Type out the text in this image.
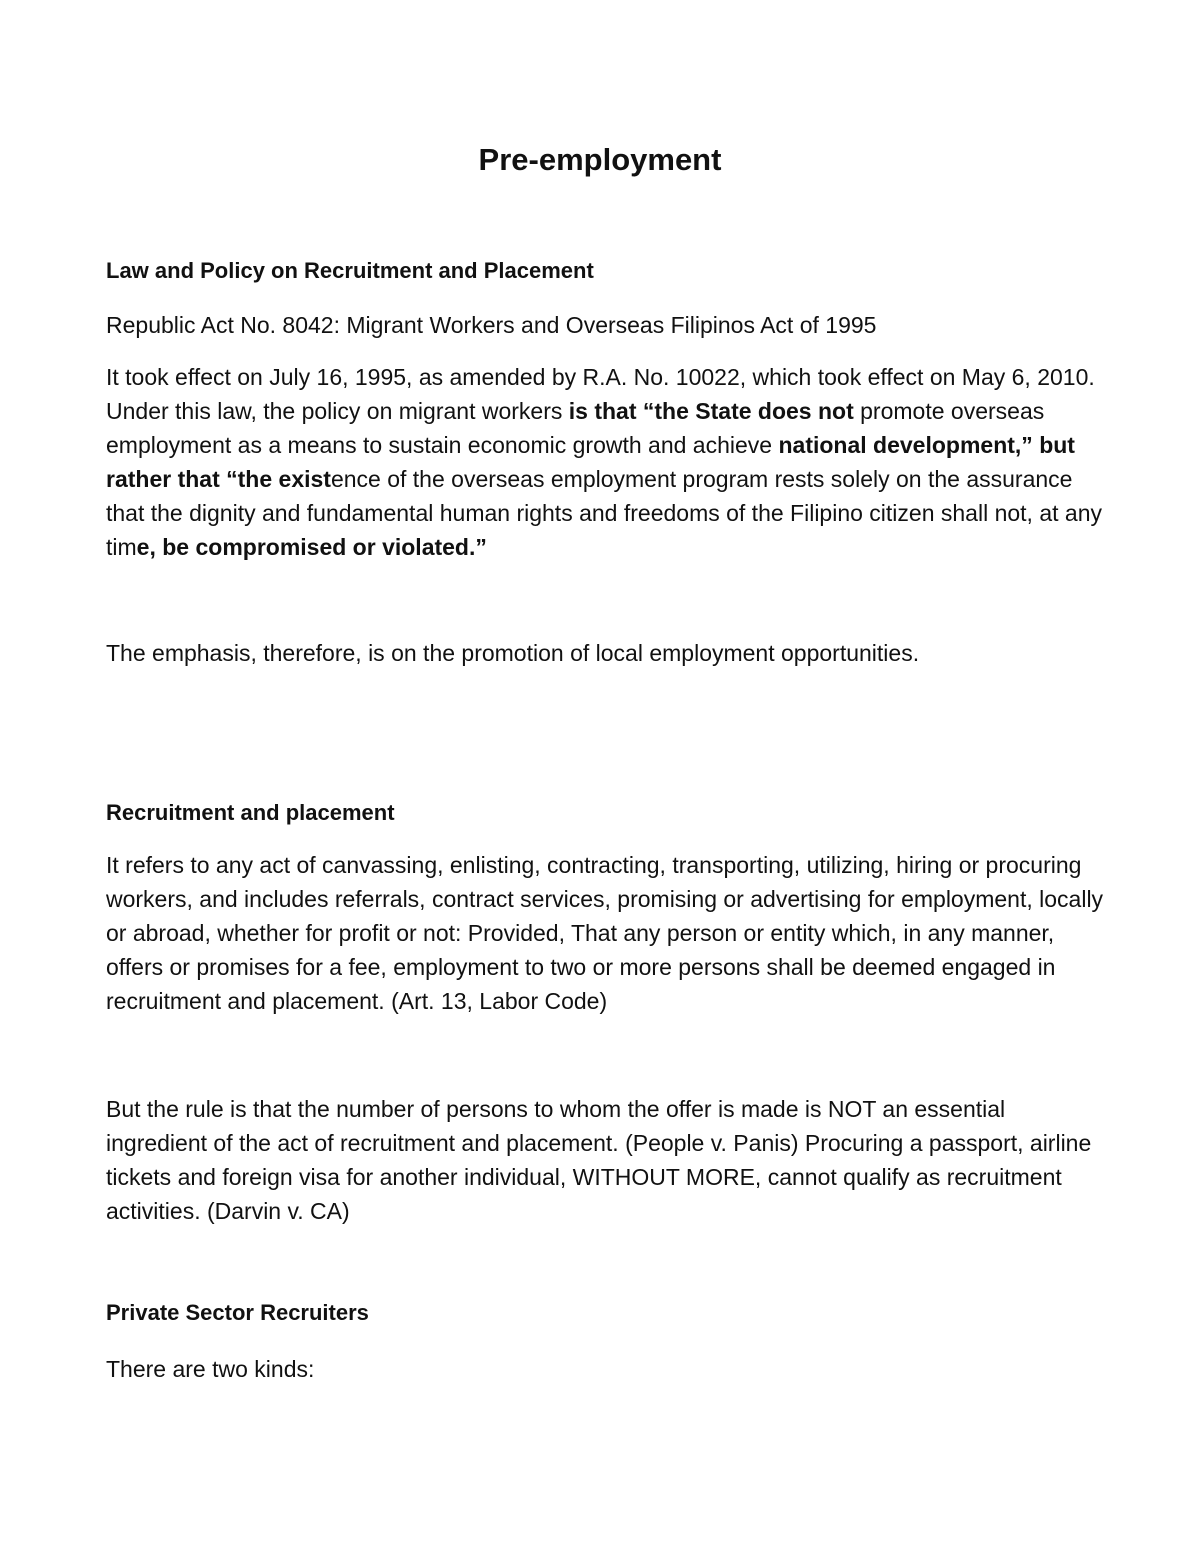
Pre-employment
Law and Policy on Recruitment and Placement

Republic Act No. 8042: Migrant Workers and Overseas Filipinos Act of 1995

It took effect on July 16, 1995, as amended by R.A. No. 10022, which took effect on May 6, 2010. Under this law, the policy on migrant workers is that “the State does not promote overseas employment as a means to sustain economic growth and achieve national development,” but rather that “the existence of the overseas employment program rests solely on the assurance that the dignity and fundamental human rights and freedoms of the Filipino citizen shall not, at any time, be compromised or violated.”

The emphasis, therefore, is on the promotion of local employment opportunities.

Recruitment and placement

It refers to any act of canvassing, enlisting, contracting, transporting, utilizing, hiring or procuring workers, and includes referrals, contract services, promising or advertising for employment, locally or abroad, whether for profit or not: Provided, That any person or entity which, in any manner, offers or promises for a fee, employment to two or more persons shall be deemed engaged in recruitment and placement. (Art. 13, Labor Code)

But the rule is that the number of persons to whom the offer is made is NOT an essential ingredient of the act of recruitment and placement. (People v. Panis) Procuring a passport, airline tickets and foreign visa for another individual, WITHOUT MORE, cannot qualify as recruitment activities. (Darvin v. CA)

Private Sector Recruiters

There are two kinds:
